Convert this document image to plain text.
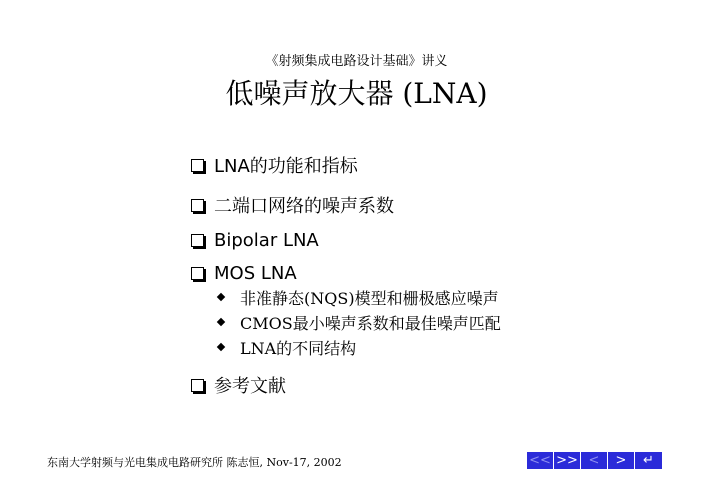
《射频集成电路设计基础》讲义
低噪声放大器 (LNA)
LNA的功能和指标
二端口网络的噪声系数
Bipolar LNA
MOS LNA
非准静态(NQS)模型和栅极感应噪声
CMOS最小噪声系数和最佳噪声匹配
LNA的不同结构
参考文献
东南大学射频与光电集成电路研究所 陈志恒, Nov-17, 2002	<< >> <	>	↵
